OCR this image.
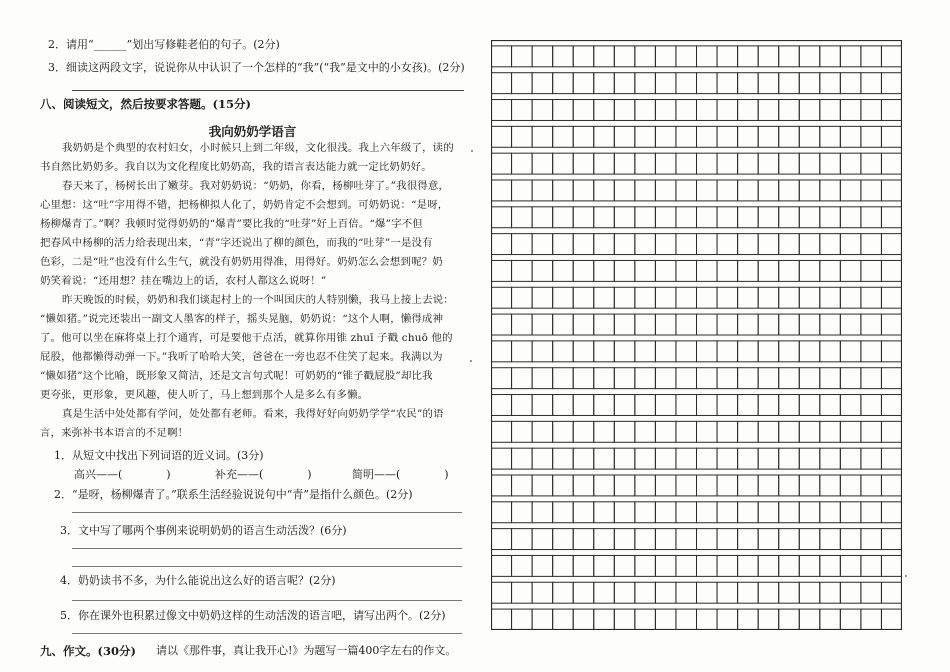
2．请用“______”划出写修鞋老伯的句子。(2分)
3．细读这两段文字，说说你从中认识了一个怎样的“我”(“我”是文中的小女孩)。(2分)
八、阅读短文，然后按要求答题。(15分)
我向奶奶学语言
我奶奶是个典型的农村妇女，小时候只上到二年级，文化很浅。我上六年级了，读的
书自然比奶奶多。我自以为文化程度比奶奶高，我的语言表达能力就一定比奶奶好。
春天来了，杨树长出了嫩芽。我对奶奶说：“奶奶，你看，杨柳吐芽了。”我很得意，
心里想：这“吐”字用得不错，把杨柳拟人化了，奶奶肯定不会想到。可奶奶说：“是呀，
杨柳爆青了。”啊？我顿时觉得奶奶的“爆青”要比我的“吐芽”好上百倍。“爆”字不但
把春风中杨柳的活力给表现出来，“青”字还说出了柳的颜色，而我的“吐芽”一是没有
色彩，二是“吐”也没有什么生气，就没有奶奶用得准，用得好。奶奶怎么会想到呢？奶
奶笑着说：“还用想？挂在嘴边上的话，农村人都这么说呀！”
昨天晚饭的时候，奶奶和我们谈起村上的一个叫国庆的人特别懒，我马上接上去说：
“懒如猪。”说完还装出一副文人墨客的样子，摇头晃脑，奶奶说：“这个人啊，懒得成神
了。他可以坐在麻将桌上打个通宵，可是要他干点活，就算你用锥 zhuī 子戳 chuō 他的
屁股，他都懒得动弹一下。”我听了哈哈大笑，爸爸在一旁也忍不住笑了起来。我满以为
“懒如猪”这个比喻，既形象又简洁，还是文言句式呢！可奶奶的“锥子戳屁股”却比我
更夸张，更形象，更风趣，使人听了，马上想到那个人是多么有多懒。
真是生活中处处都有学问，处处都有老师。看来，我得好好向奶奶学学“农民”的语
言，来弥补书本语言的不足啊！
1．从短文中找出下列词语的近义词。(3分)
高兴——(　　　　)	补充——(　　　　)	简明——(　　　　)
2．“是呀，杨柳爆青了。”联系生活经验说说句中“青”是指什么颜色。(2分)
3．文中写了哪两个事例来说明奶奶的语言生动活泼？(6分)
4．奶奶读书不多，为什么能说出这么好的语言呢？(2分)
5．你在课外也积累过像文中奶奶这样的生动活泼的语言吧，请写出两个。(2分)
九、作文。(30分) 请以《那件事，真让我开心!》为题写一篇400字左右的作文。
